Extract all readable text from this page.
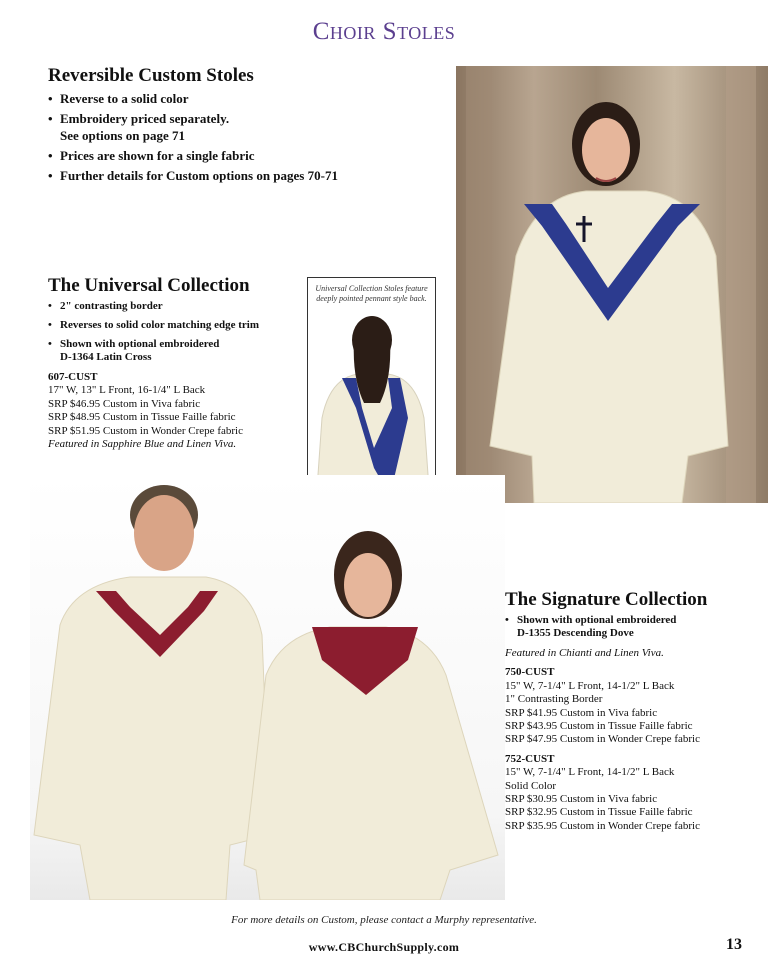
Choir Stoles
Reversible Custom Stoles
• Reverse to a solid color
• Embroidery priced separately.
See options on page 71
• Prices are shown for a single fabric
• Further details for Custom options on pages 70-71
The Universal Collection
• 2" contrasting border
• Reverses to solid color matching edge trim
• Shown with optional embroidered
D-1364 Latin Cross
607-CUST
17" W, 13" L Front, 16-1/4" L Back
SRP $46.95 Custom in Viva fabric
SRP $48.95 Custom in Tissue Faille fabric
SRP $51.95 Custom in Wonder Crepe fabric
Featured in Sapphire Blue and Linen Viva.
Universal Collection Stoles feature deeply pointed pennant style back.
The Signature Collection
• Shown with optional embroidered
D-1355 Descending Dove
Featured in Chianti and Linen Viva.
750-CUST
15" W, 7-1/4" L Front, 14-1/2" L Back
1" Contrasting Border
SRP $41.95 Custom in Viva fabric
SRP $43.95 Custom in Tissue Faille fabric
SRP $47.95 Custom in Wonder Crepe fabric
752-CUST
15" W, 7-1/4" L Front, 14-1/2" L Back
Solid Color
SRP $30.95 Custom in Viva fabric
SRP $32.95 Custom in Tissue Faille fabric
SRP $35.95 Custom in Wonder Crepe fabric
For more details on Custom, please contact a Murphy representative.
www.CBChurchSupply.com	13
